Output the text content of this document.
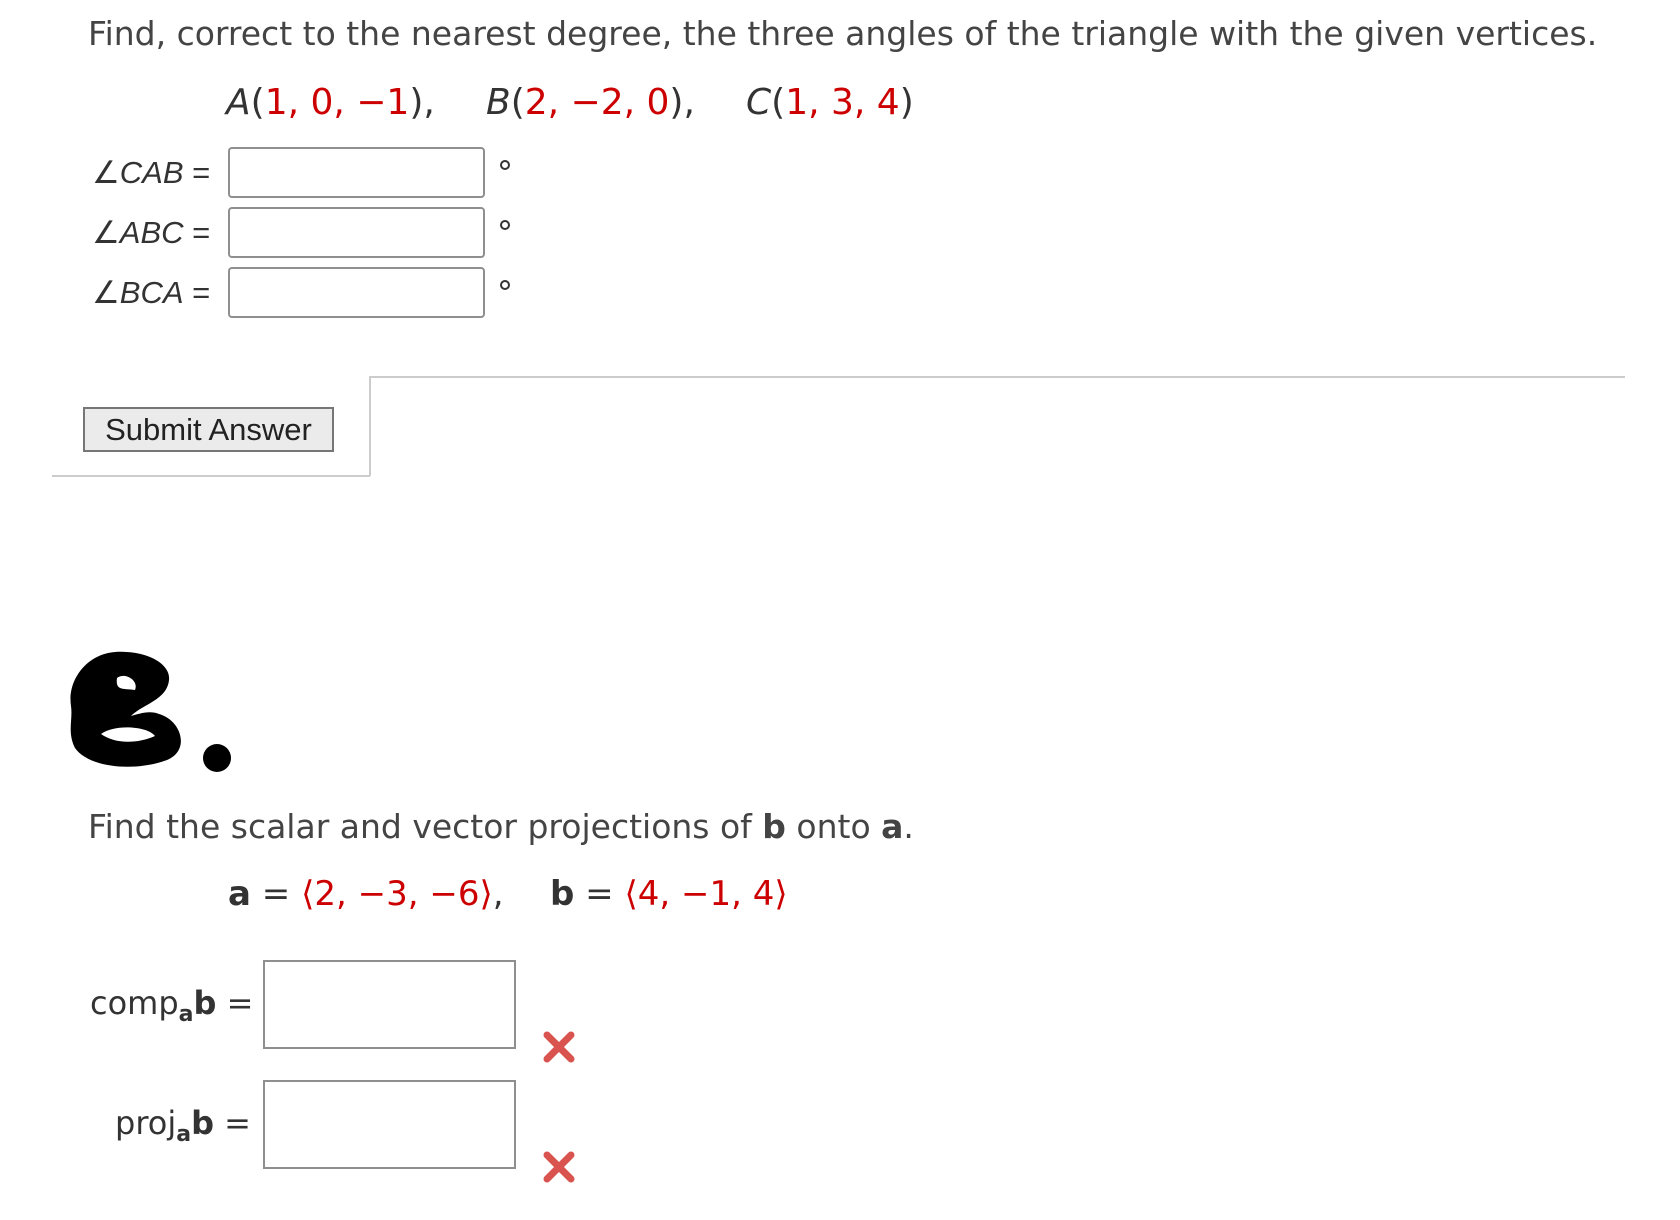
Find, correct to the nearest degree, the three angles of the triangle with the given vertices.
A(1, 0, −1), B(2, −2, 0), C(1, 3, 4)
∠CAB =
∠ABC =
∠BCA =
Submit Answer
Find the scalar and vector projections of b onto a.
a = ⟨2, −3, −6⟩, b = ⟨4, −1, 4⟩
comp$_a$b =
proj$_a$b =
